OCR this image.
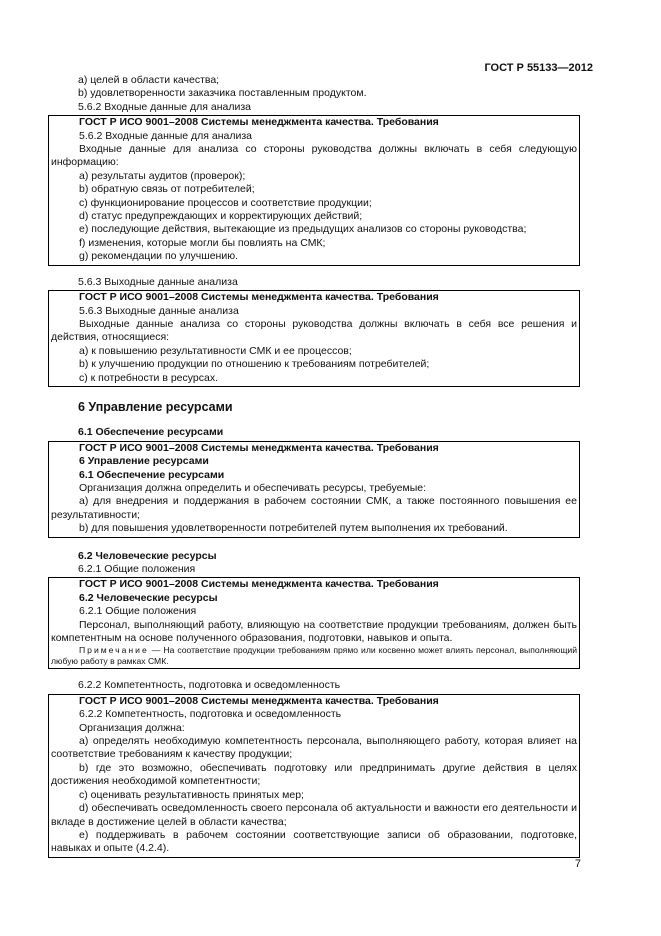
ГОСТ Р 55133—2012

а) целей в области качества;

b) удовлетворенности заказчика поставленным продуктом.

5.6.2 Входные данные для анализа

ГОСТ Р ИСО 9001–2008 Системы менеджмента качества. Требования

5.6.2 Входные данные для анализа

Входные данные для анализа со стороны руководства должны включать в себя следующую информацию:

а) результаты аудитов (проверок);

b) обратную связь от потребителей;

c) функционирование процессов и соответствие продукции;

d) статус предупреждающих и корректирующих действий;

e) последующие действия, вытекающие из предыдущих анализов со стороны руководства;

f) изменения, которые могли бы повлиять на СМК;

g) рекомендации по улучшению.

5.6.3 Выходные данные анализа

ГОСТ Р ИСО 9001–2008 Системы менеджмента качества. Требования

5.6.3 Выходные данные анализа

Выходные данные анализа со стороны руководства должны включать в себя все решения и действия, относящиеся:

а) к повышению результативности СМК и ее процессов;

b) к улучшению продукции по отношению к требованиям потребителей;

c) к потребности в ресурсах.

6 Управление ресурсами

6.1 Обеспечение ресурсами

ГОСТ Р ИСО 9001–2008 Системы менеджмента качества. Требования

6 Управление ресурсами

6.1 Обеспечение ресурсами

Организация должна определить и обеспечивать ресурсы, требуемые:

а) для внедрения и поддержания в рабочем состоянии СМК, а также постоянного повышения ее результативности;

b) для повышения удовлетворенности потребителей путем выполнения их требований.

6.2 Человеческие ресурсы

6.2.1 Общие положения

ГОСТ Р ИСО 9001–2008 Системы менеджмента качества. Требования

6.2 Человеческие ресурсы

6.2.1 Общие положения

Персонал, выполняющий работу, влияющую на соответствие продукции требованиям, должен быть компетентным на основе полученного образования, подготовки, навыков и опыта.

Примечание — На соответствие продукции требованиям прямо или косвенно может влиять персонал, выполняющий любую работу в рамках СМК.

6.2.2 Компетентность, подготовка и осведомленность

ГОСТ Р ИСО 9001–2008 Системы менеджмента качества. Требования

6.2.2 Компетентность, подготовка и осведомленность

Организация должна:

а) определять необходимую компетентность персонала, выполняющего работу, которая влияет на соответствие требованиям к качеству продукции;

b) где это возможно, обеспечивать подготовку или предпринимать другие действия в целях достижения необходимой компетентности;

c) оценивать результативность принятых мер;

d) обеспечивать осведомленность своего персонала об актуальности и важности его деятельности и вкладе в достижение целей в области качества;

e) поддерживать в рабочем состоянии соответствующие записи об образовании, подготовке, навыках и опыте (4.2.4).

7
